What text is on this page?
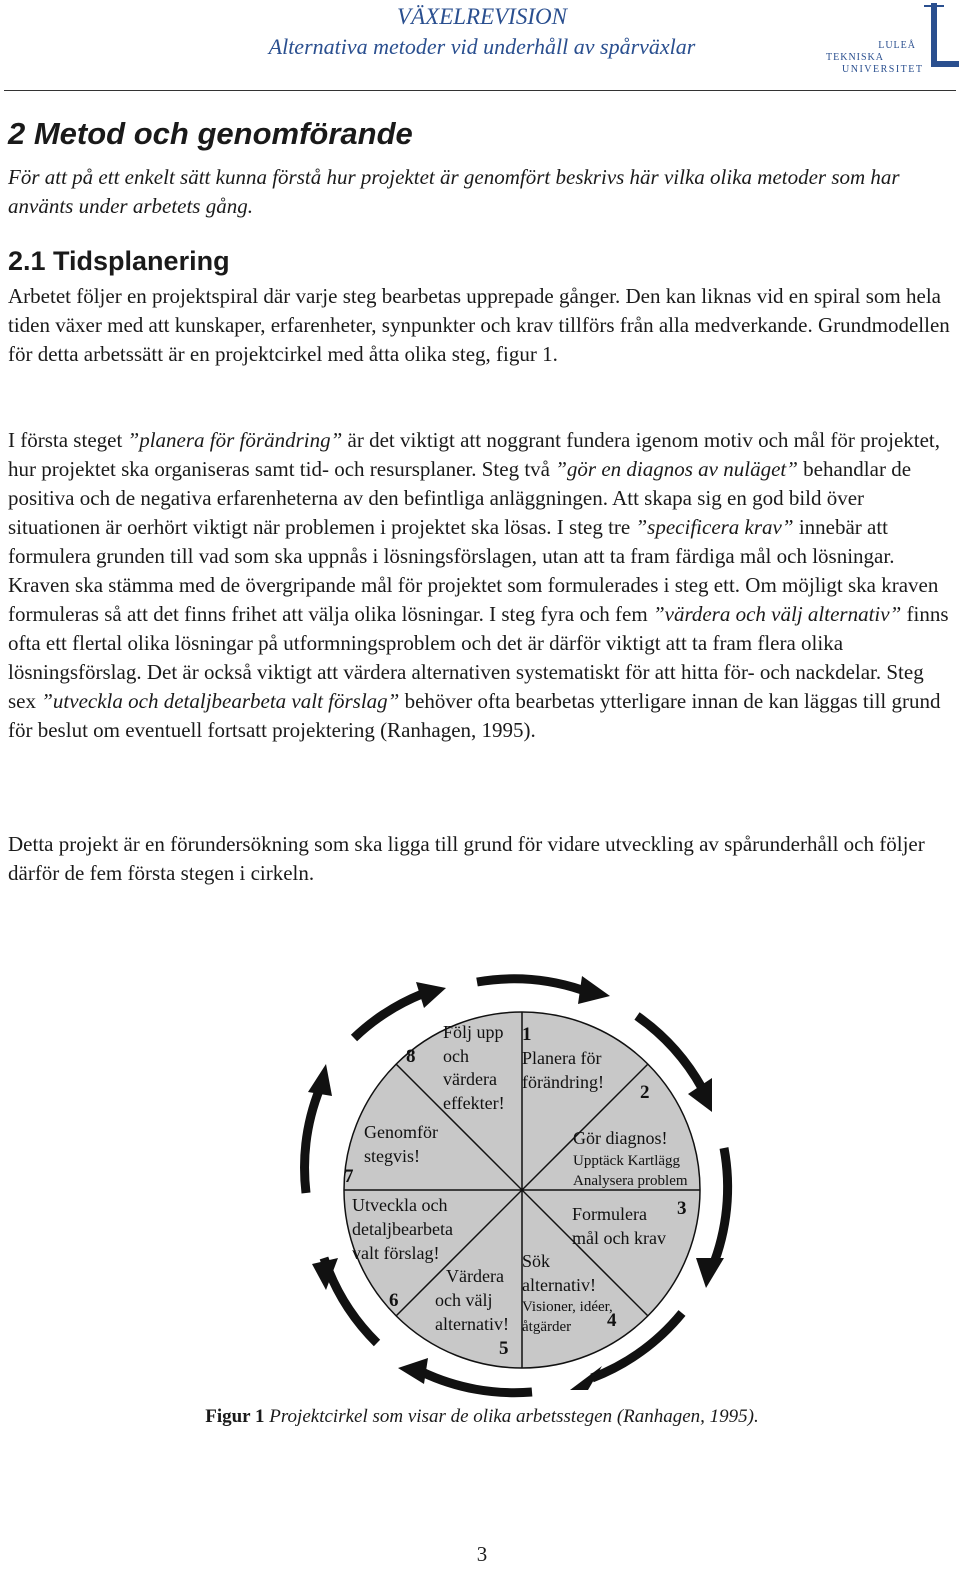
VÄXELREVISION
Alternativa metoder vid underhåll av spårväxlar	LULEÅ
TEKNISKA
UNIVERSITET
2 Metod och genomförande

För att på ett enkelt sätt kunna förstå hur projektet är genomfört beskrivs här vilka olika metoder som har använts under arbetets gång.

2.1 Tidsplanering

Arbetet följer en projektspiral där varje steg bearbetas upprepade gånger. Den kan liknas vid en spiral som hela tiden växer med att kunskaper, erfarenheter, synpunkter och krav tillförs från alla medverkande. Grundmodellen för detta arbetssätt är en projektcirkel med åtta olika steg, figur 1.

I första steget ”planera för förändring” är det viktigt att noggrant fundera igenom motiv och mål för projektet, hur projektet ska organiseras samt tid- och resursplaner. Steg två ”gör en diagnos av nuläget” behandlar de positiva och de negativa erfarenheterna av den befintliga anläggningen. Att skapa sig en god bild över situationen är oerhört viktigt när problemen i projektet ska lösas. I steg tre ”specificera krav” innebär att formulera grunden till vad som ska uppnås i lösningsförslagen, utan att ta fram färdiga mål och lösningar. Kraven ska stämma med de övergripande mål för projektet som formulerades i steg ett. Om möjligt ska kraven formuleras så att det finns frihet att välja olika lösningar. I steg fyra och fem ”värdera och välj alternativ” finns ofta ett flertal olika lösningar på utformningsproblem och det är därför viktigt att ta fram flera olika lösningsförslag. Det är också viktigt att värdera alternativen systematiskt för att hitta för- och nackdelar. Steg sex ”utveckla och detaljbearbeta valt förslag” behöver ofta bearbetas ytterligare innan de kan läggas till grund för beslut om eventuell fortsatt projektering (Ranhagen, 1995).

Detta projekt är en förundersökning som ska ligga till grund för vidare utveckling av spårunderhåll och följer därför de fem första stegen i cirkeln.

1
Planera för
förändring! 2
Gör diagnos!
Upptäck Kartlägg
Analysera problem
3
Formulera
mål och krav
Sök
alternativ!
Visioner, idéer,
åtgärder 4
Värdera
och välj
alternativ!
5
Utveckla och
detaljbearbeta
valt förslag!
6
Genomför
stegvis!
7
8
Följ upp
och
värdera
effekter!
Figur 1 Projektcirkel som visar de olika arbetsstegen (Ranhagen, 1995).
3
